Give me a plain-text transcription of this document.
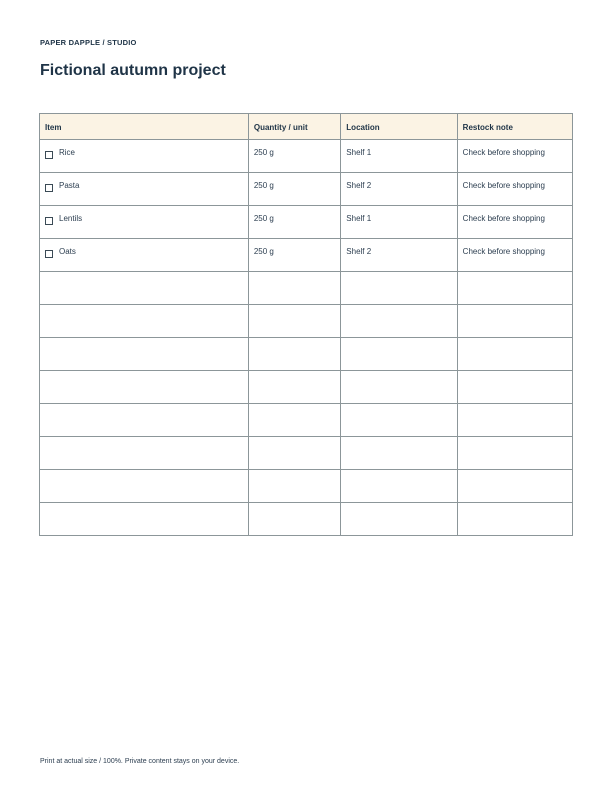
PAPER DAPPLE / STUDIO
Fictional autumn project
Item	Quantity / unit	Location	Restock note
Rice	250 g	Shelf 1	Check before shopping
Pasta	250 g	Shelf 2	Check before shopping
Lentils	250 g	Shelf 1	Check before shopping
Oats	250 g	Shelf 2	Check before shopping

Print at actual size / 100%. Private content stays on your device.
